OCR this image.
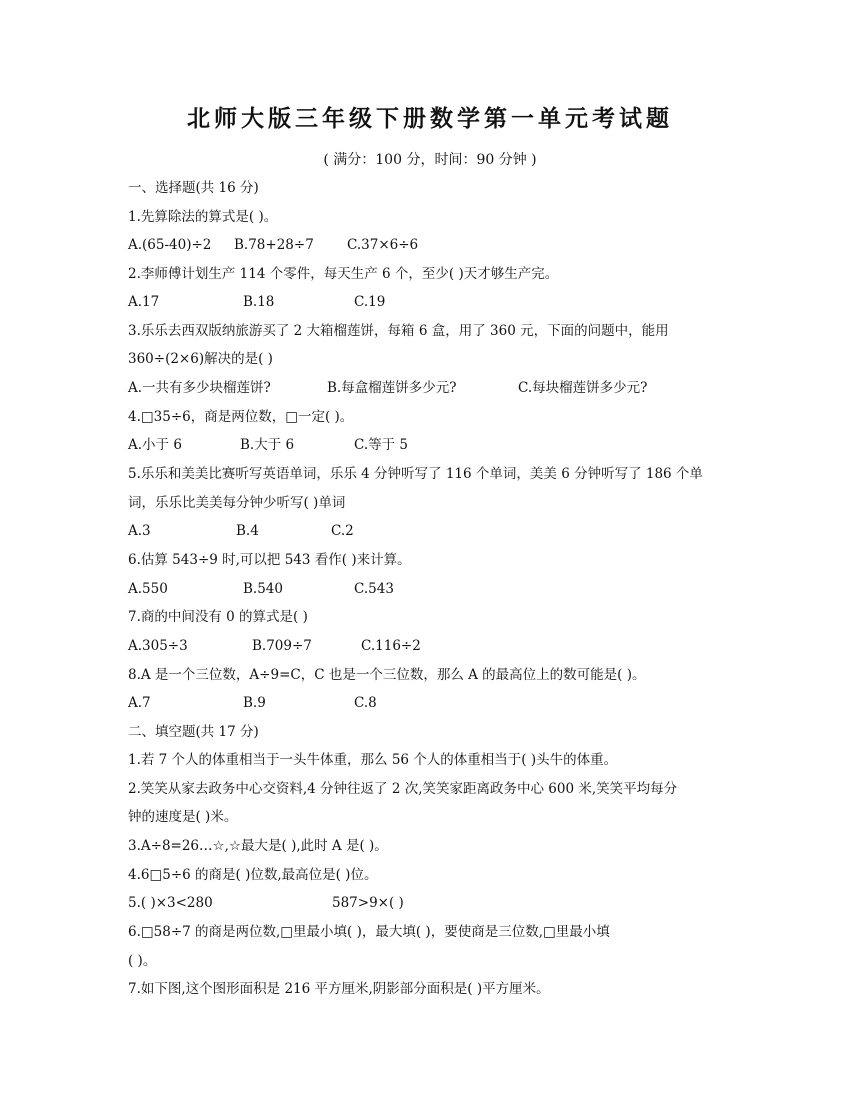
北师大版三年级下册数学第一单元考试题
( 满分：100 分，时间：90 分钟 )
一、选择题(共 16 分)
1.先算除法的算式是( )。
A.(65-40)÷2 B.78+28÷7 C.37×6÷6
2.李师傅计划生产 114 个零件，每天生产 6 个，至少( )天才够生产完。
A.17	B.18	C.19
3.乐乐去西双版纳旅游买了 2 大箱榴莲饼，每箱 6 盒，用了 360 元，下面的问题中，能用
360÷(2×6)解决的是( )
A.一共有多少块榴莲饼?	B.每盒榴莲饼多少元?	C.每块榴莲饼多少元?
4.□35÷6，商是两位数，□一定( )。
A.小于 6	B.大于 6	C.等于 5
5.乐乐和美美比赛听写英语单词，乐乐 4 分钟听写了 116 个单词，美美 6 分钟听写了 186 个单
词，乐乐比美美每分钟少听写( )单词
A.3	B.4	C.2
6.估算 543÷9 时,可以把 543 看作( )来计算。
A.550	B.540	C.543
7.商的中间没有 0 的算式是( )
A.305÷3	B.709÷7	C.116÷2
8.A 是一个三位数，A÷9=C，C 也是一个三位数，那么 A 的最高位上的数可能是( )。
A.7	B.9	C.8
二、填空题(共 17 分)
1.若 7 个人的体重相当于一头牛体重，那么 56 个人的体重相当于( )头牛的体重。
2.笑笑从家去政务中心交资料,4 分钟往返了 2 次,笑笑家距离政务中心 600 米,笑笑平均每分
钟的速度是( )米。
3.A÷8=26…☆,☆最大是( ),此时 A 是( )。
4.6□5÷6 的商是( )位数,最高位是( )位。
5.( )×3<280	587>9×( )
6.□58÷7 的商是两位数,□里最小填( )，最大填( )，要使商是三位数,□里最小填
( )。
7.如下图,这个图形面积是 216 平方厘米,阴影部分面积是( )平方厘米。
